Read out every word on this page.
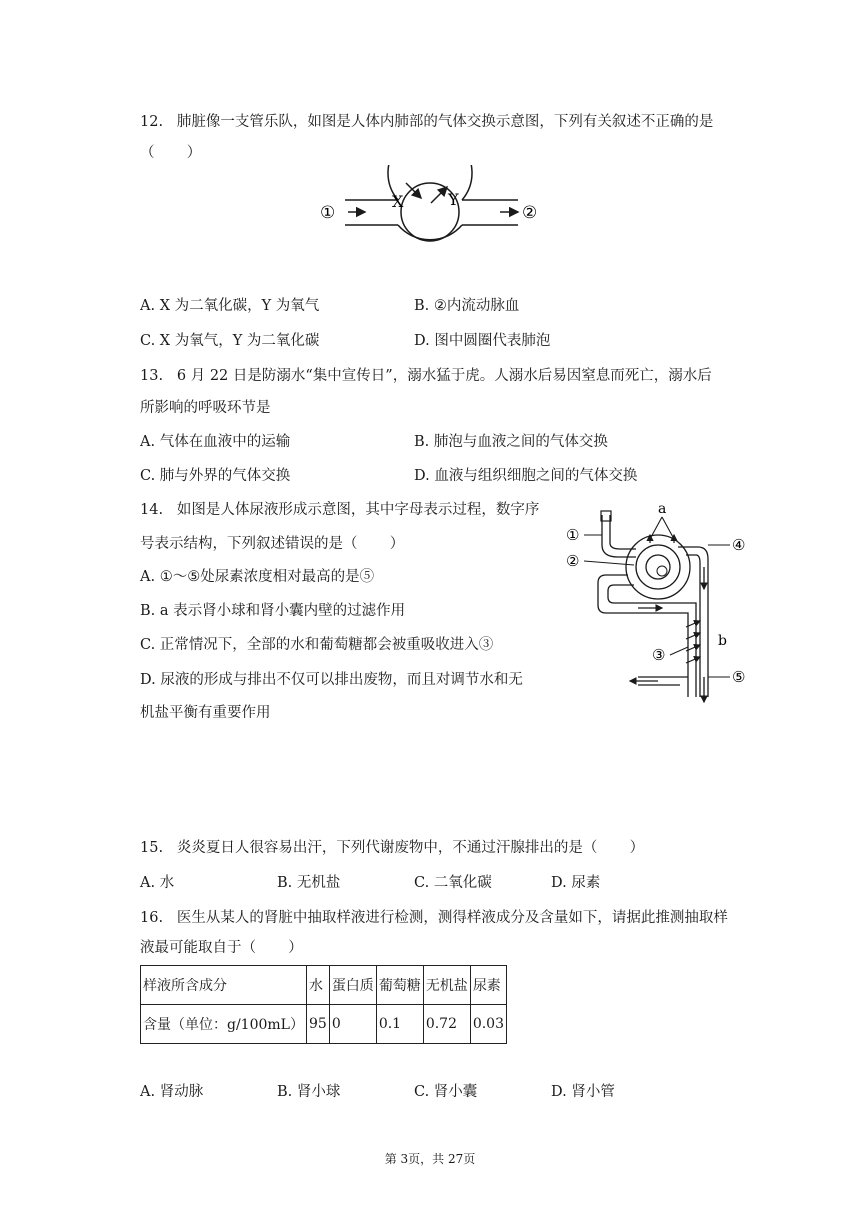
12.   肺脏像一支管乐队，如图是人体内肺部的气体交换示意图，下列有关叙述不正确的是
（       ）
①	②
X	Y
A. X 为二氧化碳，Y 为氧气	B. ②内流动脉血
C. X 为氧气，Y 为二氧化碳	D. 图中圆圈代表肺泡
13.   6 月 22 日是防溺水“集中宣传日”，溺水猛于虎。人溺水后易因窒息而死亡，溺水后
所影响的呼吸环节是
A. 气体在血液中的运输	B. 肺泡与血液之间的气体交换
C. 肺与外界的气体交换	D. 血液与组织细胞之间的气体交换
14.   如图是人体尿液形成示意图，其中字母表示过程，数字序
号表示结构，下列叙述错误的是（       ）
A. ①～⑤处尿素浓度相对最高的是⑤
B. a 表示肾小球和肾小囊内壁的过滤作用
C. 正常情况下，全部的水和葡萄糖都会被重吸收进入③
D. 尿液的形成与排出不仅可以排出废物，而且对调节水和无
机盐平衡有重要作用
①
②
③
④
⑤
a
b
15.   炎炎夏日人很容易出汗，下列代谢废物中，不通过汗腺排出的是（       ）
A. 水	B. 无机盐	C. 二氧化碳	D. 尿素
16.   医生从某人的肾脏中抽取样液进行检测，测得样液成分及含量如下，请据此推测抽取样
液最可能取自于（       ）
样液所含成分	水	蛋白质	葡萄糖	无机盐	尿素
含量（单位：g/100mL）	95	0	0.1	0.72	0.03
A. 肾动脉	B. 肾小球	C. 肾小囊	D. 肾小管
第 3页，共 27页
